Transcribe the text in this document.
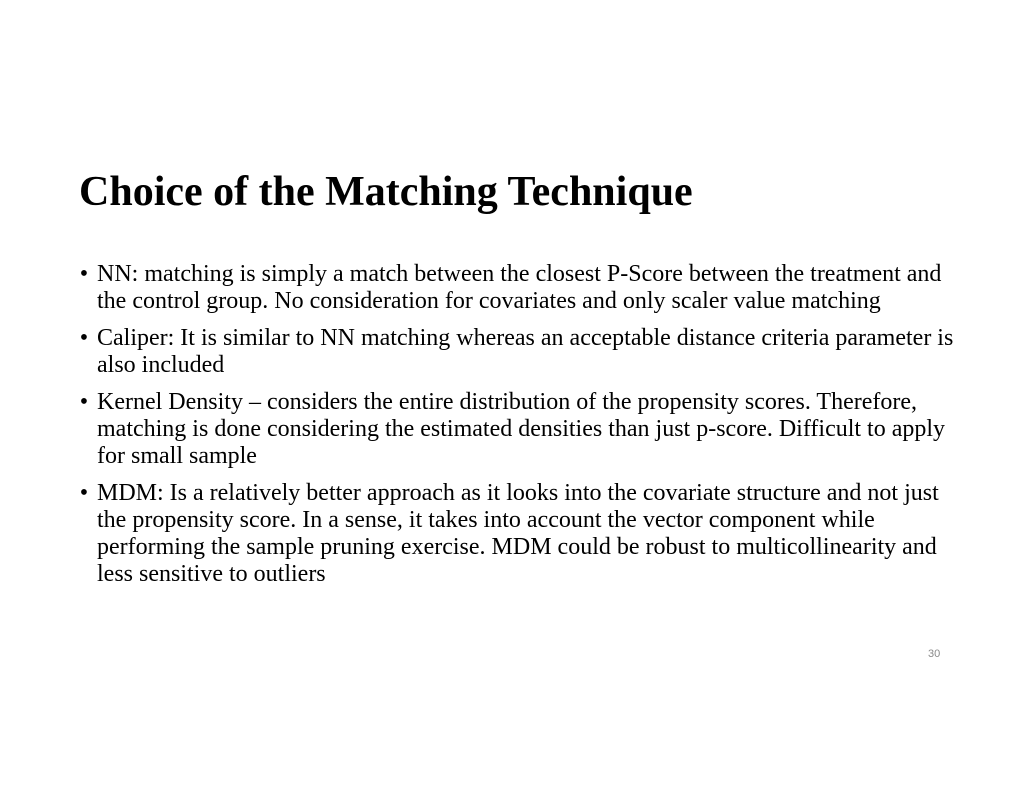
Choice of the Matching Technique
• NN: matching is simply a match between the closest P-Score between the treatment and the control group. No consideration for covariates and only scaler value matching
• Caliper: It is similar to NN matching whereas an acceptable distance criteria parameter is also included
• Kernel Density – considers the entire distribution of the propensity scores. Therefore, matching is done considering the estimated densities than just p-score. Difficult to apply for small sample
• MDM: Is a relatively better approach as it looks into the covariate structure and not just the propensity score. In a sense, it takes into account the vector component while performing the sample pruning exercise. MDM could be robust to multicollinearity and less sensitive to outliers
30
